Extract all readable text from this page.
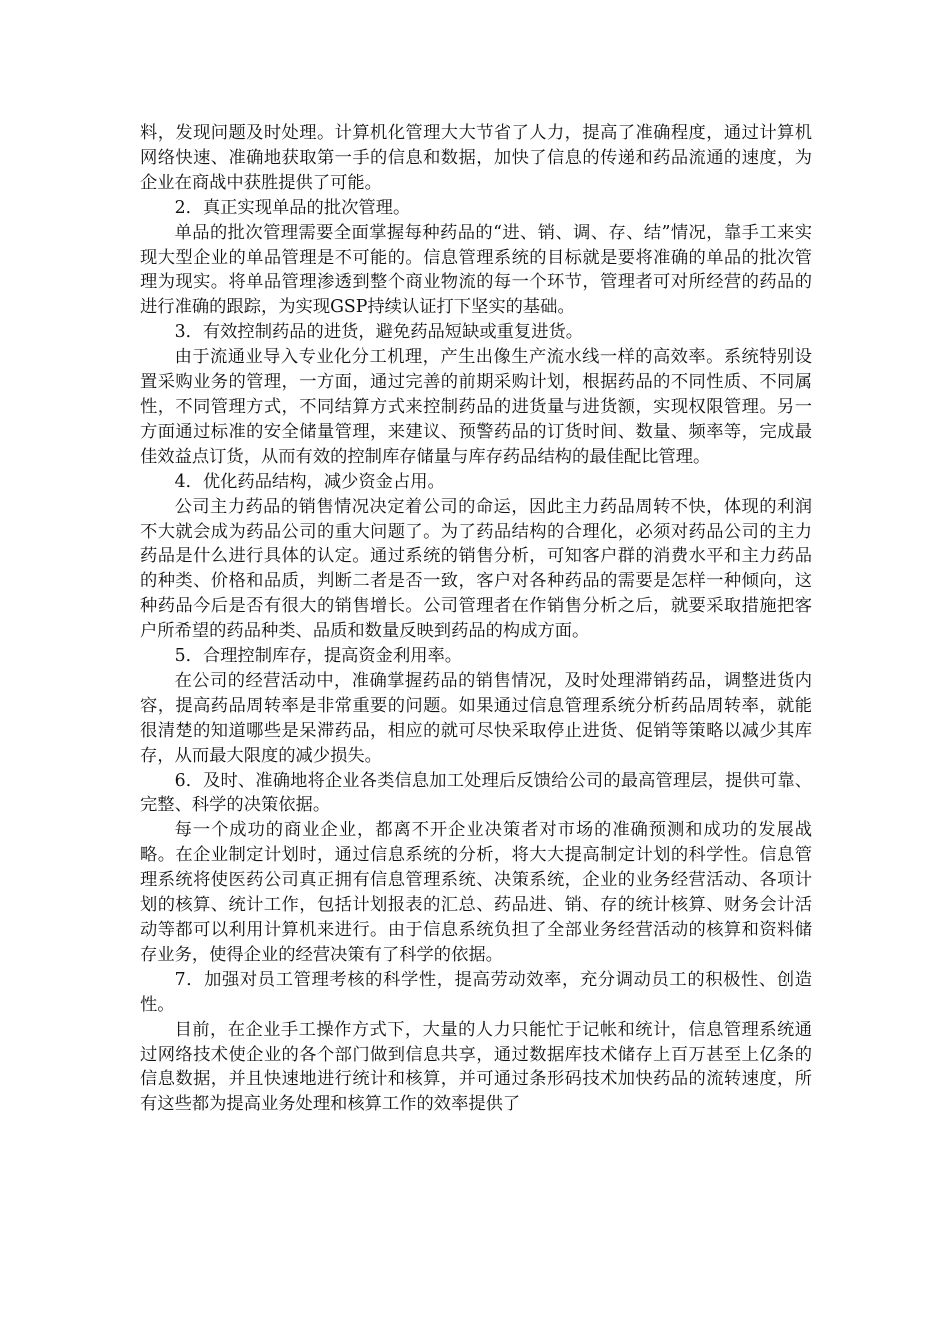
料，发现问题及时处理。计算机化管理大大节省了人力，提高了准确程度，通过计算机网络快速、准确地获取第一手的信息和数据，加快了信息的传递和药品流通的速度，为企业在商战中获胜提供了可能。

2．真正实现单品的批次管理。

单品的批次管理需要全面掌握每种药品的“进、销、调、存、结”情况，靠手工来实现大型企业的单品管理是不可能的。信息管理系统的目标就是要将准确的单品的批次管理为现实。将单品管理渗透到整个商业物流的每一个环节，管理者可对所经营的药品的进行准确的跟踪，为实现GSP持续认证打下坚实的基础。

3．有效控制药品的进货，避免药品短缺或重复进货。

由于流通业导入专业化分工机理，产生出像生产流水线一样的高效率。系统特别设置采购业务的管理，一方面，通过完善的前期采购计划，根据药品的不同性质、不同属性，不同管理方式，不同结算方式来控制药品的进货量与进货额，实现权限管理。另一方面通过标准的安全储量管理，来建议、预警药品的订货时间、数量、频率等，完成最佳效益点订货，从而有效的控制库存储量与库存药品结构的最佳配比管理。

4．优化药品结构，减少资金占用。

公司主力药品的销售情况决定着公司的命运，因此主力药品周转不快，体现的利润不大就会成为药品公司的重大问题了。为了药品结构的合理化，必须对药品公司的主力药品是什么进行具体的认定。通过系统的销售分析，可知客户群的消费水平和主力药品的种类、价格和品质，判断二者是否一致，客户对各种药品的需要是怎样一种倾向，这种药品今后是否有很大的销售增长。公司管理者在作销售分析之后，就要采取措施把客户所希望的药品种类、品质和数量反映到药品的构成方面。

5．合理控制库存，提高资金利用率。

在公司的经营活动中，准确掌握药品的销售情况，及时处理滞销药品，调整进货内容，提高药品周转率是非常重要的问题。如果通过信息管理系统分析药品周转率，就能很清楚的知道哪些是呆滞药品，相应的就可尽快采取停止进货、促销等策略以减少其库存，从而最大限度的减少损失。

6．及时、准确地将企业各类信息加工处理后反馈给公司的最高管理层，提供可靠、完整、科学的决策依据。

每一个成功的商业企业，都离不开企业决策者对市场的准确预测和成功的发展战略。在企业制定计划时，通过信息系统的分析，将大大提高制定计划的科学性。信息管理系统将使医药公司真正拥有信息管理系统、决策系统，企业的业务经营活动、各项计划的核算、统计工作，包括计划报表的汇总、药品进、销、存的统计核算、财务会计活动等都可以利用计算机来进行。由于信息系统负担了全部业务经营活动的核算和资料储存业务，使得企业的经营决策有了科学的依据。

7．加强对员工管理考核的科学性，提高劳动效率，充分调动员工的积极性、创造性。

目前，在企业手工操作方式下，大量的人力只能忙于记帐和统计，信息管理系统通过网络技术使企业的各个部门做到信息共享，通过数据库技术储存上百万甚至上亿条的信息数据，并且快速地进行统计和核算，并可通过条形码技术加快药品的流转速度，所有这些都为提高业务处理和核算工作的效率提供了
